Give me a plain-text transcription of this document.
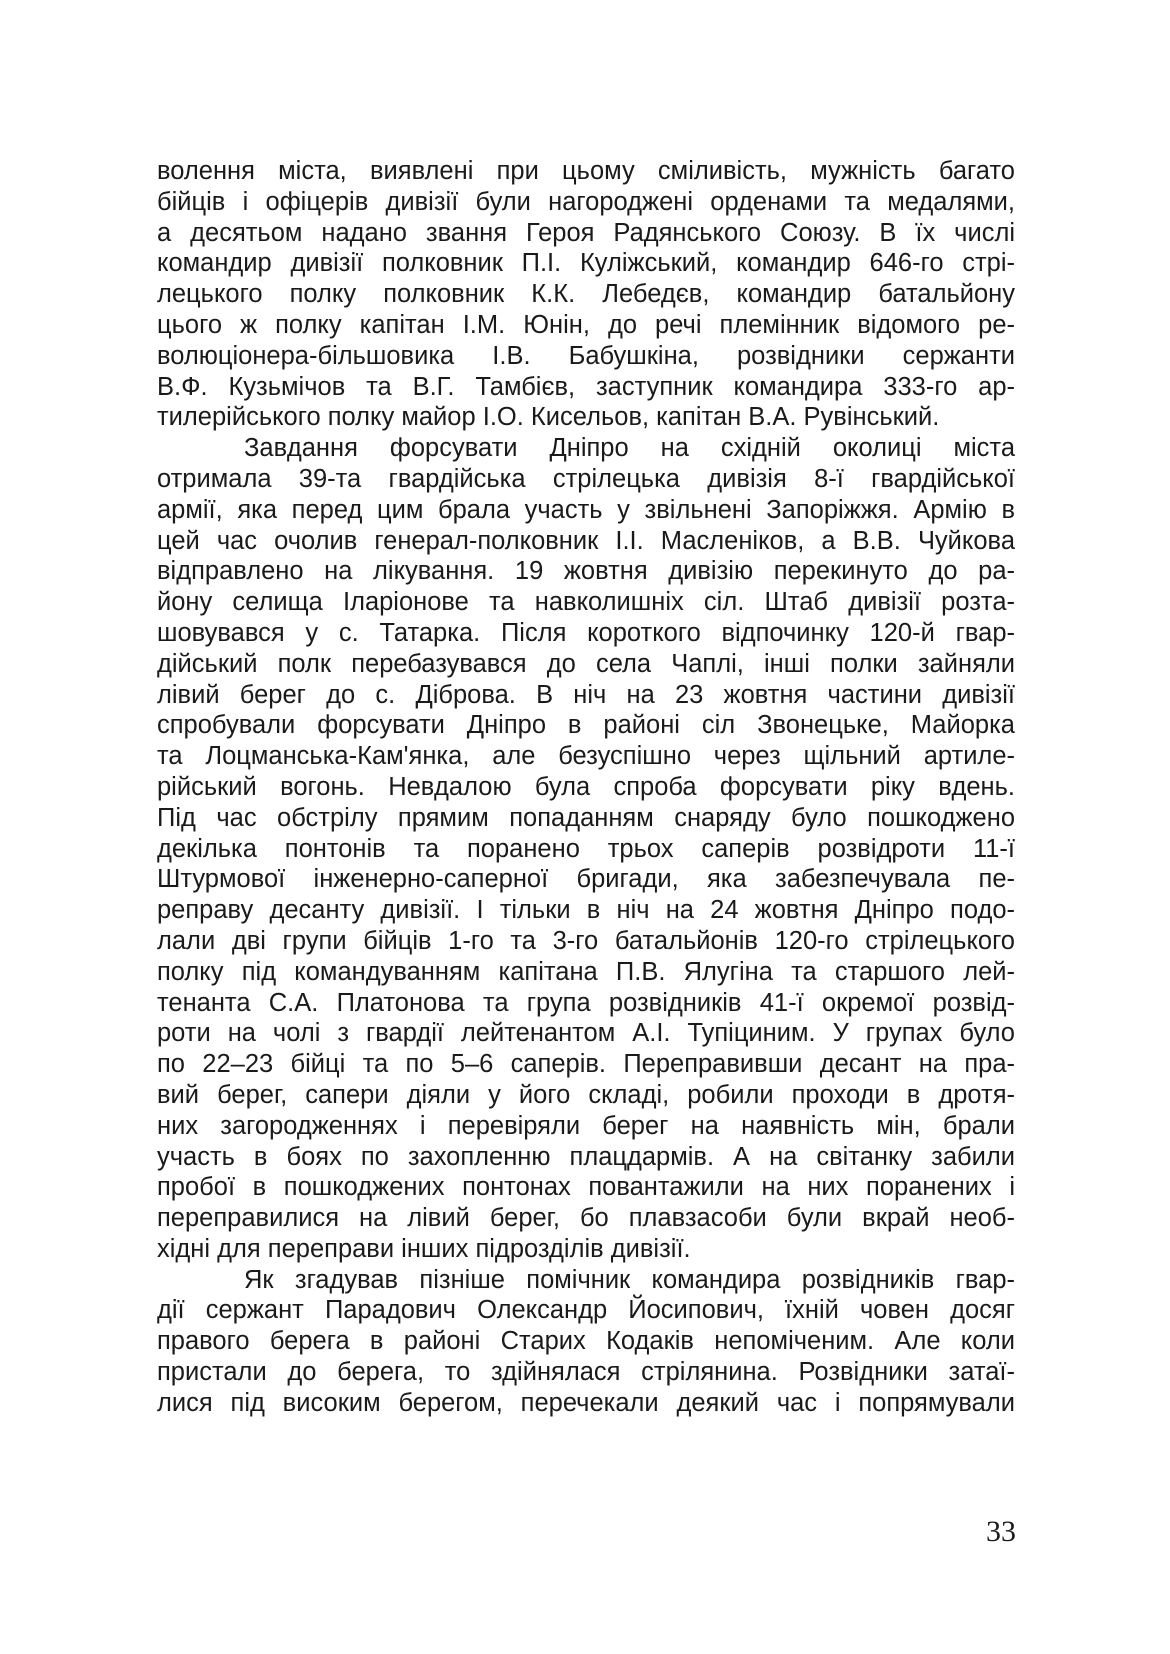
волення міста, виявлені при цьому сміливість, мужність багато
бійців і офіцерів дивізії були нагороджені орденами та медалями,
а десятьом надано звання Героя Радянського Союзу. В їх числі
командир дивізії полковник П.І. Куліжський, командир 646-го стрі-
лецького полку полковник К.К. Лебедєв, командир батальйону
цього ж полку капітан І.М. Юнін, до речі племінник відомого ре-
волюціонера-більшовика І.В. Бабушкіна, розвідники сержанти
В.Ф. Кузьмічов та В.Г. Тамбієв, заступник командира 333-го ар-
тилерійського полку майор І.О. Кисельов, капітан В.А. Рувінський.
Завдання форсувати Дніпро на східній околиці міста
отримала 39-та гвардійська стрілецька дивізія 8-ї гвардійської
армії, яка перед цим брала участь у звільнені Запоріжжя. Армію в
цей час очолив генерал-полковник І.І. Масленіков, а В.В. Чуйкова
відправлено на лікування. 19 жовтня дивізію перекинуто до ра-
йону селища Іларіонове та навколишніх сіл. Штаб дивізії розта-
шовувався у с. Татарка. Після короткого відпочинку 120-й гвар-
дійський полк перебазувався до села Чаплі, інші полки зайняли
лівий берег до с. Діброва. В ніч на 23 жовтня частини дивізії
спробували форсувати Дніпро в районі сіл Звонецьке, Майорка
та Лоцманська-Кам'янка, але безуспішно через щільний артиле-
рійський вогонь. Невдалою була спроба форсувати ріку вдень.
Під час обстрілу прямим попаданням снаряду було пошкоджено
декілька понтонів та поранено трьох саперів розвідроти 11-ї
Штурмової інженерно-саперної бригади, яка забезпечувала пе-
реправу десанту дивізії. І тільки в ніч на 24 жовтня Дніпро подо-
лали дві групи бійців 1-го та 3-го батальйонів 120-го стрілецького
полку під командуванням капітана П.В. Ялугіна та старшого лей-
тенанта С.А. Платонова та група розвідників 41-ї окремої розвід-
роти на чолі з гвардії лейтенантом А.І. Тупіциним. У групах було
по 22–23 бійці та по 5–6 саперів. Переправивши десант на пра-
вий берег, сапери діяли у його складі, робили проходи в дротя-
них загородженнях і перевіряли берег на наявність мін, брали
участь в боях по захопленню плацдармів. А на світанку забили
пробої в пошкоджених понтонах повантажили на них поранених і
переправилися на лівий берег, бо плавзасоби були вкрай необ-
хідні для переправи інших підрозділів дивізії.
Як згадував пізніше помічник командира розвідників гвар-
дії сержант Парадович Олександр Йосипович, їхній човен досяг
правого берега в районі Старих Кодаків непоміченим. Але коли
пристали до берега, то здійнялася стрілянина. Розвідники затаї-
лися під високим берегом, перечекали деякий час і попрямували
33
